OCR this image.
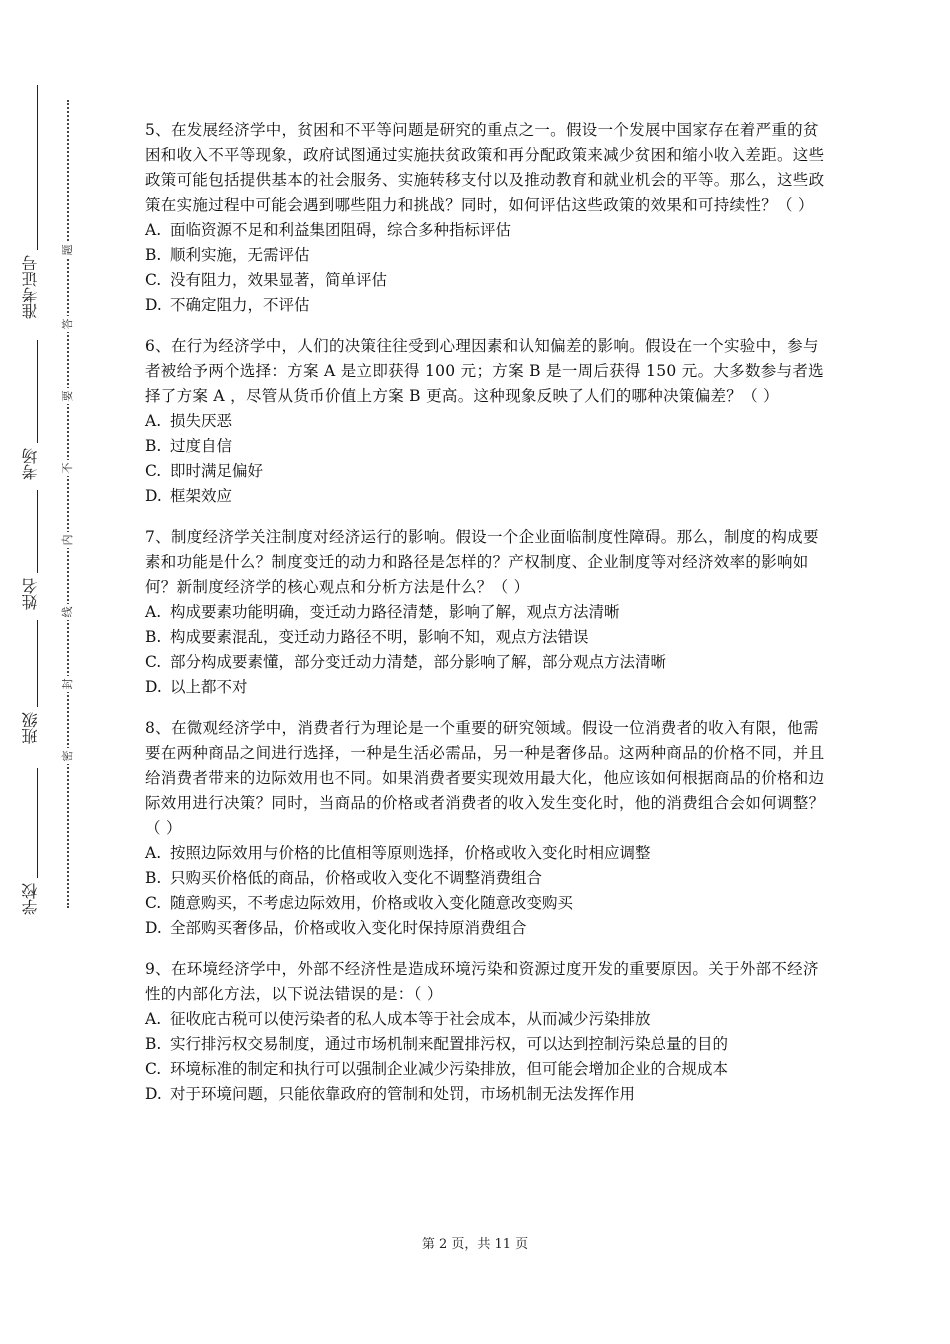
准考证号
考场
姓名
班级
学校
题
答
要
不
内
线
封
密

5、在发展经济学中，贫困和不平等问题是研究的重点之一。假设一个发展中国家存在着严重的贫困和收入不平等现象，政府试图通过实施扶贫政策和再分配政策来减少贫困和缩小收入差距。这些政策可能包括提供基本的社会服务、实施转移支付以及推动教育和就业机会的平等。那么，这些政策在实施过程中可能会遇到哪些阻力和挑战？同时，如何评估这些政策的效果和可持续性？（ ）

A. 面临资源不足和利益集团阻碍，综合多种指标评估

B. 顺利实施，无需评估

C. 没有阻力，效果显著，简单评估

D. 不确定阻力，不评估

6、在行为经济学中，人们的决策往往受到心理因素和认知偏差的影响。假设在一个实验中，参与者被给予两个选择：方案 A 是立即获得 100 元；方案 B 是一周后获得 150 元。大多数参与者选择了方案 A ，尽管从货币价值上方案 B 更高。这种现象反映了人们的哪种决策偏差？（ ）

A. 损失厌恶

B. 过度自信

C. 即时满足偏好

D. 框架效应

7、制度经济学关注制度对经济运行的影响。假设一个企业面临制度性障碍。那么，制度的构成要素和功能是什么？制度变迁的动力和路径是怎样的？产权制度、企业制度等对经济效率的影响如何？新制度经济学的核心观点和分析方法是什么？（ ）

A. 构成要素功能明确，变迁动力路径清楚，影响了解，观点方法清晰

B. 构成要素混乱，变迁动力路径不明，影响不知，观点方法错误

C. 部分构成要素懂，部分变迁动力清楚，部分影响了解，部分观点方法清晰

D. 以上都不对

8、在微观经济学中，消费者行为理论是一个重要的研究领域。假设一位消费者的收入有限，他需要在两种商品之间进行选择，一种是生活必需品，另一种是奢侈品。这两种商品的价格不同，并且给消费者带来的边际效用也不同。如果消费者要实现效用最大化，他应该如何根据商品的价格和边际效用进行决策？同时，当商品的价格或者消费者的收入发生变化时，他的消费组合会如何调整？（ ）

A. 按照边际效用与价格的比值相等原则选择，价格或收入变化时相应调整

B. 只购买价格低的商品，价格或收入变化不调整消费组合

C. 随意购买，不考虑边际效用，价格或收入变化随意改变购买

D. 全部购买奢侈品，价格或收入变化时保持原消费组合

9、在环境经济学中，外部不经济性是造成环境污染和资源过度开发的重要原因。关于外部不经济性的内部化方法，以下说法错误的是：（ ）

A. 征收庇古税可以使污染者的私人成本等于社会成本，从而减少污染排放

B. 实行排污权交易制度，通过市场机制来配置排污权，可以达到控制污染总量的目的

C. 环境标准的制定和执行可以强制企业减少污染排放，但可能会增加企业的合规成本

D. 对于环境问题，只能依靠政府的管制和处罚，市场机制无法发挥作用

第 2 页，共 11 页
